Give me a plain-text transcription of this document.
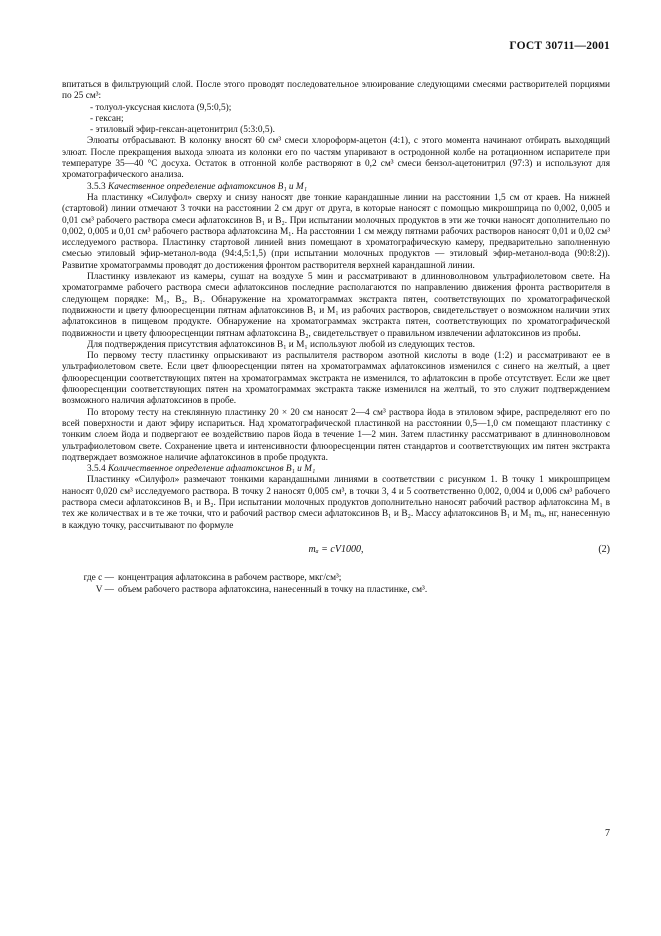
ГОСТ 30711—2001

впитаться в фильтрующий слой. После этого проводят последовательное элюирование следующими смесями растворителей порциями по 25 см³:

- толуол-уксусная кислота (9,5:0,5);

- гексан;

- этиловый эфир-гексан-ацетонитрил (5:3:0,5).

Элюаты отбрасывают. В колонку вносят 60 см³ смеси хлороформ-ацетон (4:1), с этого момента начинают отбирать выходящий элюат. После прекращения выхода элюата из колонки его по частям упаривают в остродонной колбе на ротационном испарителе при температуре 35—40 °С досуха. Остаток в отгонной колбе растворяют в 0,2 см³ смеси бензол-ацетонитрил (97:3) и используют для хроматографического анализа.

3.5.3 Качественное определение афлатоксинов B₁ и M₁

На пластинку «Силуфол» сверху и снизу наносят две тонкие карандашные линии на расстоянии 1,5 см от краев. На нижней (стартовой) линии отмечают 3 точки на расстоянии 2 см друг от друга, в которые наносят с помощью микрошприца по 0,002, 0,005 и 0,01 см³ рабочего раствора смеси афлатоксинов B₁ и B₂. При испытании молочных продуктов в эти же точки наносят дополнительно по 0,002, 0,005 и 0,01 см³ рабочего раствора афлатоксина M₁. На расстоянии 1 см между пятнами рабочих растворов наносят 0,01 и 0,02 см³ исследуемого раствора. Пластинку стартовой линией вниз помещают в хроматографическую камеру, предварительно заполненную смесью этиловый эфир-метанол-вода (94:4,5:1,5) (при испытании молочных продуктов — этиловый эфир-метанол-вода (90:8:2)). Развитие хроматограммы проводят до достижения фронтом растворителя верхней карандашной линии.

Пластинку извлекают из камеры, сушат на воздухе 5 мин и рассматривают в длинноволновом ультрафиолетовом свете. На хроматограмме рабочего раствора смеси афлатоксинов последние располагаются по направлению движения фронта растворителя в следующем порядке: M₁, B₂, B₁. Обнаружение на хроматограммах экстракта пятен, соответствующих по хроматографической подвижности и цвету флюоресценции пятнам афлатоксинов B₁ и M₁ из рабочих растворов, свидетельствует о возможном наличии этих афлатоксинов в пищевом продукте. Обнаружение на хроматограммах экстракта пятен, соответствующих по хроматографической подвижности и цвету флюоресценции пятнам афлатоксина B₂, свидетельствует о правильном извлечении афлатоксинов из пробы.

Для подтверждения присутствия афлатоксинов B₁ и M₁ используют любой из следующих тестов.

По первому тесту пластинку опрыскивают из распылителя раствором азотной кислоты в воде (1:2) и рассматривают ее в ультрафиолетовом свете. Если цвет флюоресценции пятен на хроматограммах афлатоксинов изменился с синего на желтый, а цвет флюоресценции соответствующих пятен на хроматограммах экстракта не изменился, то афлатоксин в пробе отсутствует. Если же цвет флюоресценции соответствующих пятен на хроматограммах экстракта также изменился на желтый, то это служит подтверждением возможного наличия афлатоксинов в пробе.

По второму тесту на стеклянную пластинку 20 × 20 см наносят 2—4 см³ раствора йода в этиловом эфире, распределяют его по всей поверхности и дают эфиру испариться. Над хроматографической пластинкой на расстоянии 0,5—1,0 см помещают пластинку с тонким слоем йода и подвергают ее воздействию паров йода в течение 1—2 мин. Затем пластинку рассматривают в длинноволновом ультрафиолетовом свете. Сохранение цвета и интенсивности флюоресценции пятен стандартов и соответствующих им пятен экстракта подтверждает возможное наличие афлатоксинов в пробе продукта.

3.5.4 Количественное определение афлатоксинов B₁ и M₁

Пластинку «Силуфол» размечают тонкими карандашными линиями в соответствии с рисунком 1. В точку 1 микрошприцем наносят 0,020 см³ исследуемого раствора. В точку 2 наносят 0,005 см³, в точки 3, 4 и 5 соответственно 0,002, 0,004 и 0,006 см³ рабочего раствора смеси афлатоксинов B₁ и B₂. При испытании молочных продуктов дополнительно наносят рабочий раствор афлатоксина M₁ в тех же количествах и в те же точки, что и рабочий раствор смеси афлатоксинов B₁ и B₂. Массу афлатоксинов B₁ и M₁ mₐ, нг, нанесенную в каждую точку, рассчитывают по формуле

mₐ = cV1000,	(2)
где c — концентрация афлатоксина в рабочем растворе, мкг/см³;
V — объем рабочего раствора афлатоксина, нанесенный в точку на пластинке, см³.
7
